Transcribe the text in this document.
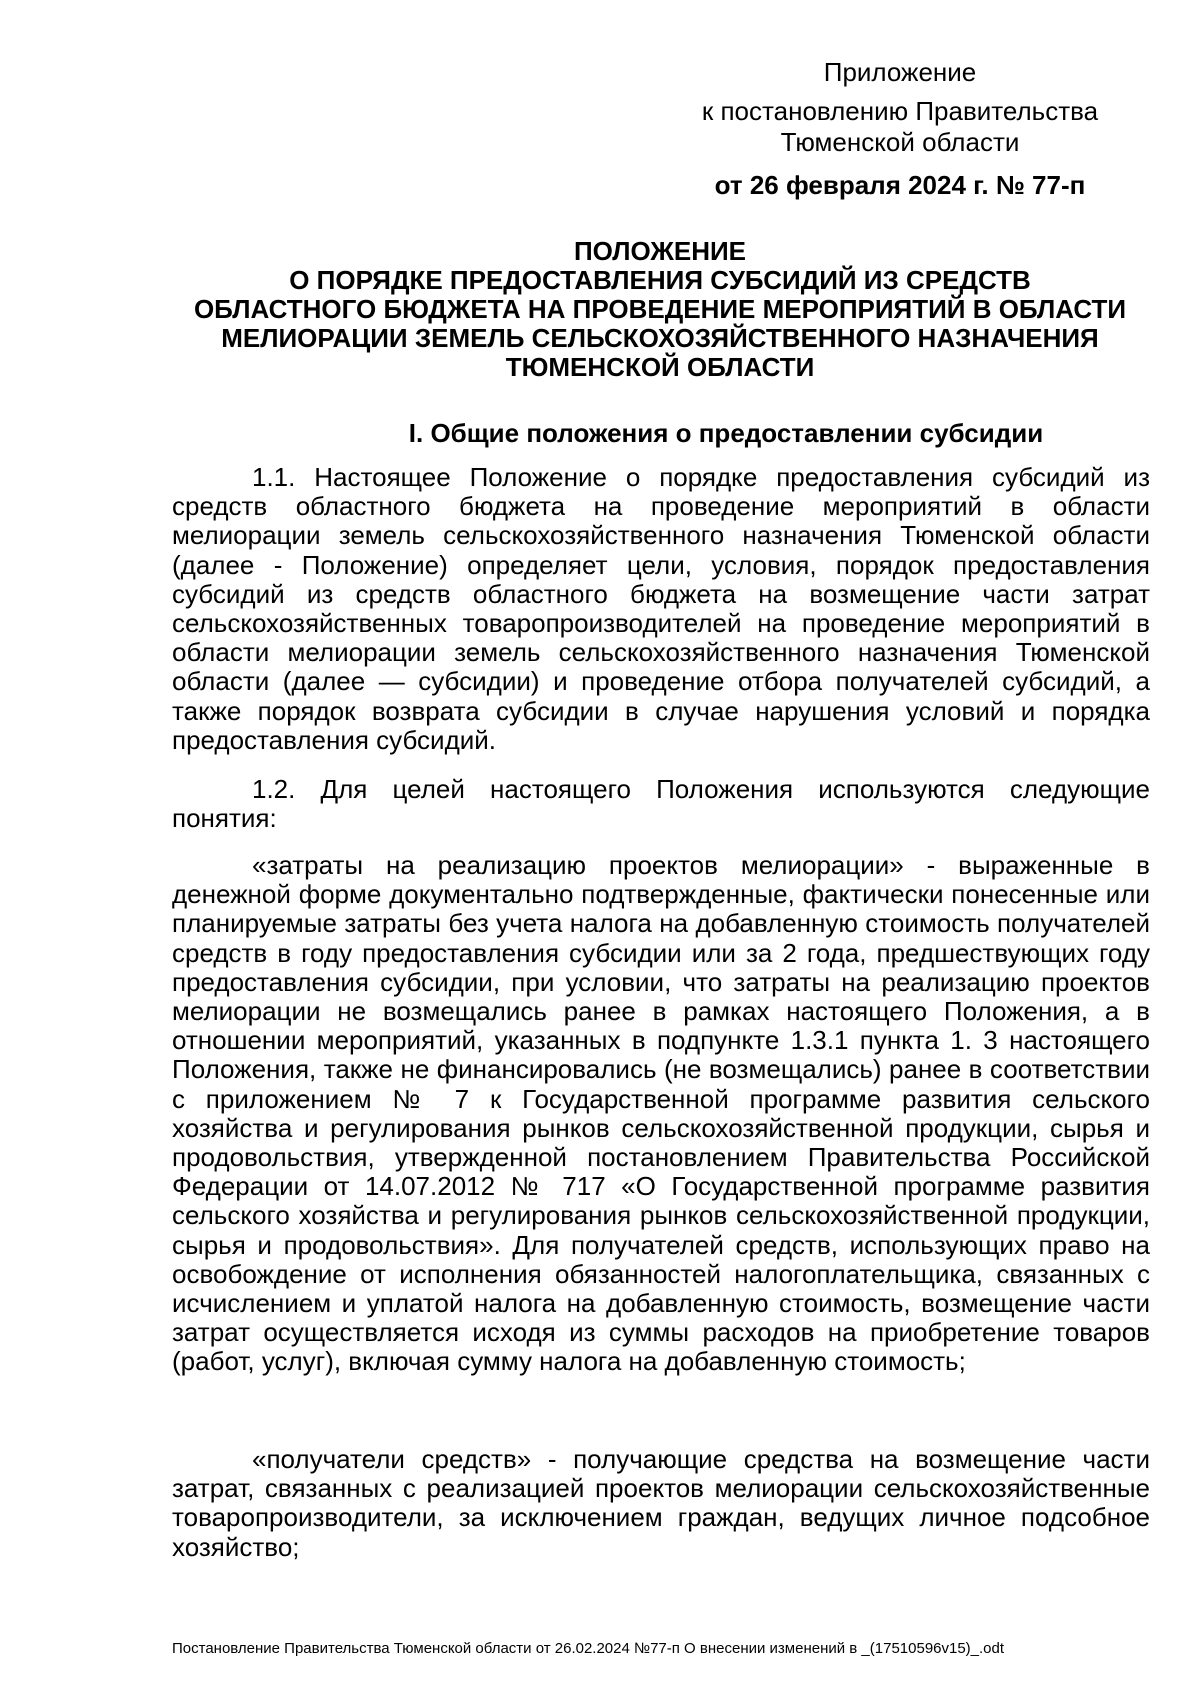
Приложение
к постановлению Правительства
Тюменской области
от 26 февраля 2024 г. № 77-п
ПОЛОЖЕНИЕ
О ПОРЯДКЕ ПРЕДОСТАВЛЕНИЯ СУБСИДИЙ ИЗ СРЕДСТВ
ОБЛАСТНОГО БЮДЖЕТА НА ПРОВЕДЕНИЕ МЕРОПРИЯТИЙ В ОБЛАСТИ
МЕЛИОРАЦИИ ЗЕМЕЛЬ СЕЛЬСКОХОЗЯЙСТВЕННОГО НАЗНАЧЕНИЯ
ТЮМЕНСКОЙ ОБЛАСТИ
I. Общие положения о предоставлении субсидии

1.1. Настоящее Положение о порядке предоставления субсидий из средств областного бюджета на проведение мероприятий в области мелиорации земель сельскохозяйственного назначения Тюменской области (далее - Положение) определяет цели, условия, порядок предоставления субсидий из средств областного бюджета на возмещение части затрат сельскохозяйственных товаропроизводителей на проведение мероприятий в области мелиорации земель сельскохозяйственного назначения Тюменской области (далее — субсидии) и проведение отбора получателей субсидий, а также порядок возврата субсидии в случае нарушения условий и порядка предоставления субсидий.

1.2. Для целей настоящего Положения используются следующие понятия:

«затраты на реализацию проектов мелиорации» - выраженные в денежной форме документально подтвержденные, фактически понесенные или планируемые затраты без учета налога на добавленную стоимость получателей средств в году предоставления субсидии или за 2 года, предшествующих году предоставления субсидии, при условии, что затраты на реализацию проектов мелиорации не возмещались ранее в рамках настоящего Положения, а в отношении мероприятий, указанных в подпункте 1.3.1 пункта 1. 3 настоящего Положения, также не финансировались (не возмещались) ранее в соответствии с приложением № 7 к Государственной программе развития сельского хозяйства и регулирования рынков сельскохозяйственной продукции, сырья и продовольствия, утвержденной постановлением Правительства Российской Федерации от 14.07.2012 № 717 «О Государственной программе развития сельского хозяйства и регулирования рынков сельскохозяйственной продукции, сырья и продовольствия». Для получателей средств, использующих право на освобождение от исполнения обязанностей налогоплательщика, связанных с исчислением и уплатой налога на добавленную стоимость, возмещение части затрат осуществляется исходя из суммы расходов на приобретение товаров (работ, услуг), включая сумму налога на добавленную стоимость;

«получатели средств» - получающие средства на возмещение части затрат, связанных с реализацией проектов мелиорации сельскохозяйственные товаропроизводители, за исключением граждан, ведущих личное подсобное хозяйство;

Постановление Правительства Тюменской области от 26.02.2024 №77-п О внесении изменений в _(17510596v15)_.odt
